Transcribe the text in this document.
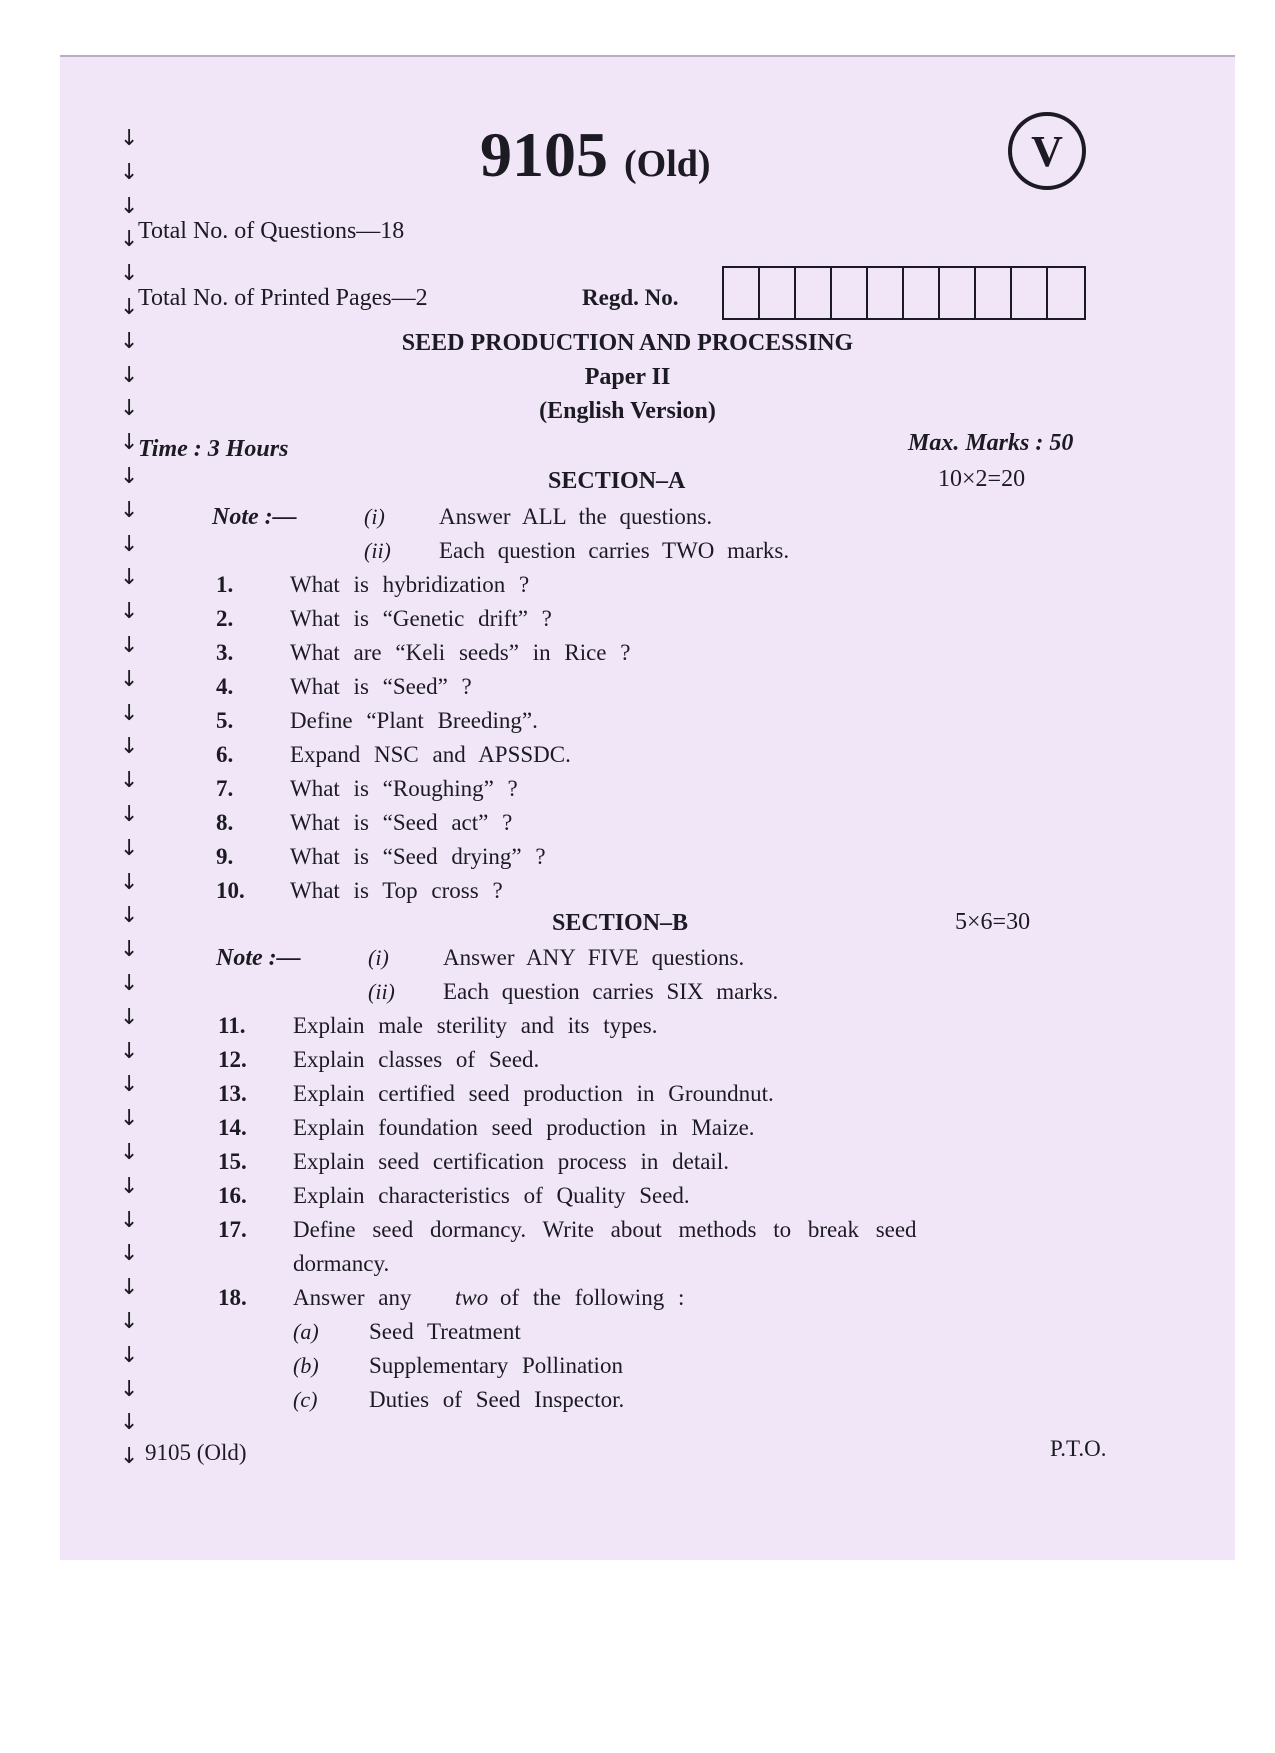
↓
↓
↓
↓
↓
↓
↓
↓
↓
↓
↓
↓
↓
↓
↓
↓
↓
↓
↓
↓
↓
↓
↓
↓
↓
↓
↓
↓
↓
↓
↓
↓
↓
↓
↓
↓
↓
↓
↓
↓
9105 (Old)	V
Total No. of Questions—18
Total No. of Printed Pages—2	Regd. No.
SEED PRODUCTION AND PROCESSING
Paper II
(English Version)
Time : 3 Hours	Max. Marks : 50
SECTION–A	10×2=20
Note :—
SECTION–B	5×6=30
Note :—
9105 (Old)	P.T.O.
(i) Answer ALL the questions.
(ii) Each question carries TWO marks.
1. What is hybridization ?
2. What is “Genetic drift” ?
3. What are “Keli seeds” in Rice ?
4. What is “Seed” ?
5. Define “Plant Breeding”.
6. Expand NSC and APSSDC.
7. What is “Roughing” ?
8. What is “Seed act” ?
9. What is “Seed drying” ?
10. What is Top cross ?
(i) Answer ANY FIVE questions.
(ii) Each question carries SIX marks.
11. Explain male sterility and its types.
12. Explain classes of Seed.
13. Explain certified seed production in Groundnut.
14. Explain foundation seed production in Maize.
15. Explain seed certification process in detail.
16. Explain characteristics of Quality Seed.
17. Define seed dormancy. Write about methods to break seed
dormancy.
18. Answer any two of the following :
(a) Seed Treatment
(b) Supplementary Pollination
(c) Duties of Seed Inspector.
